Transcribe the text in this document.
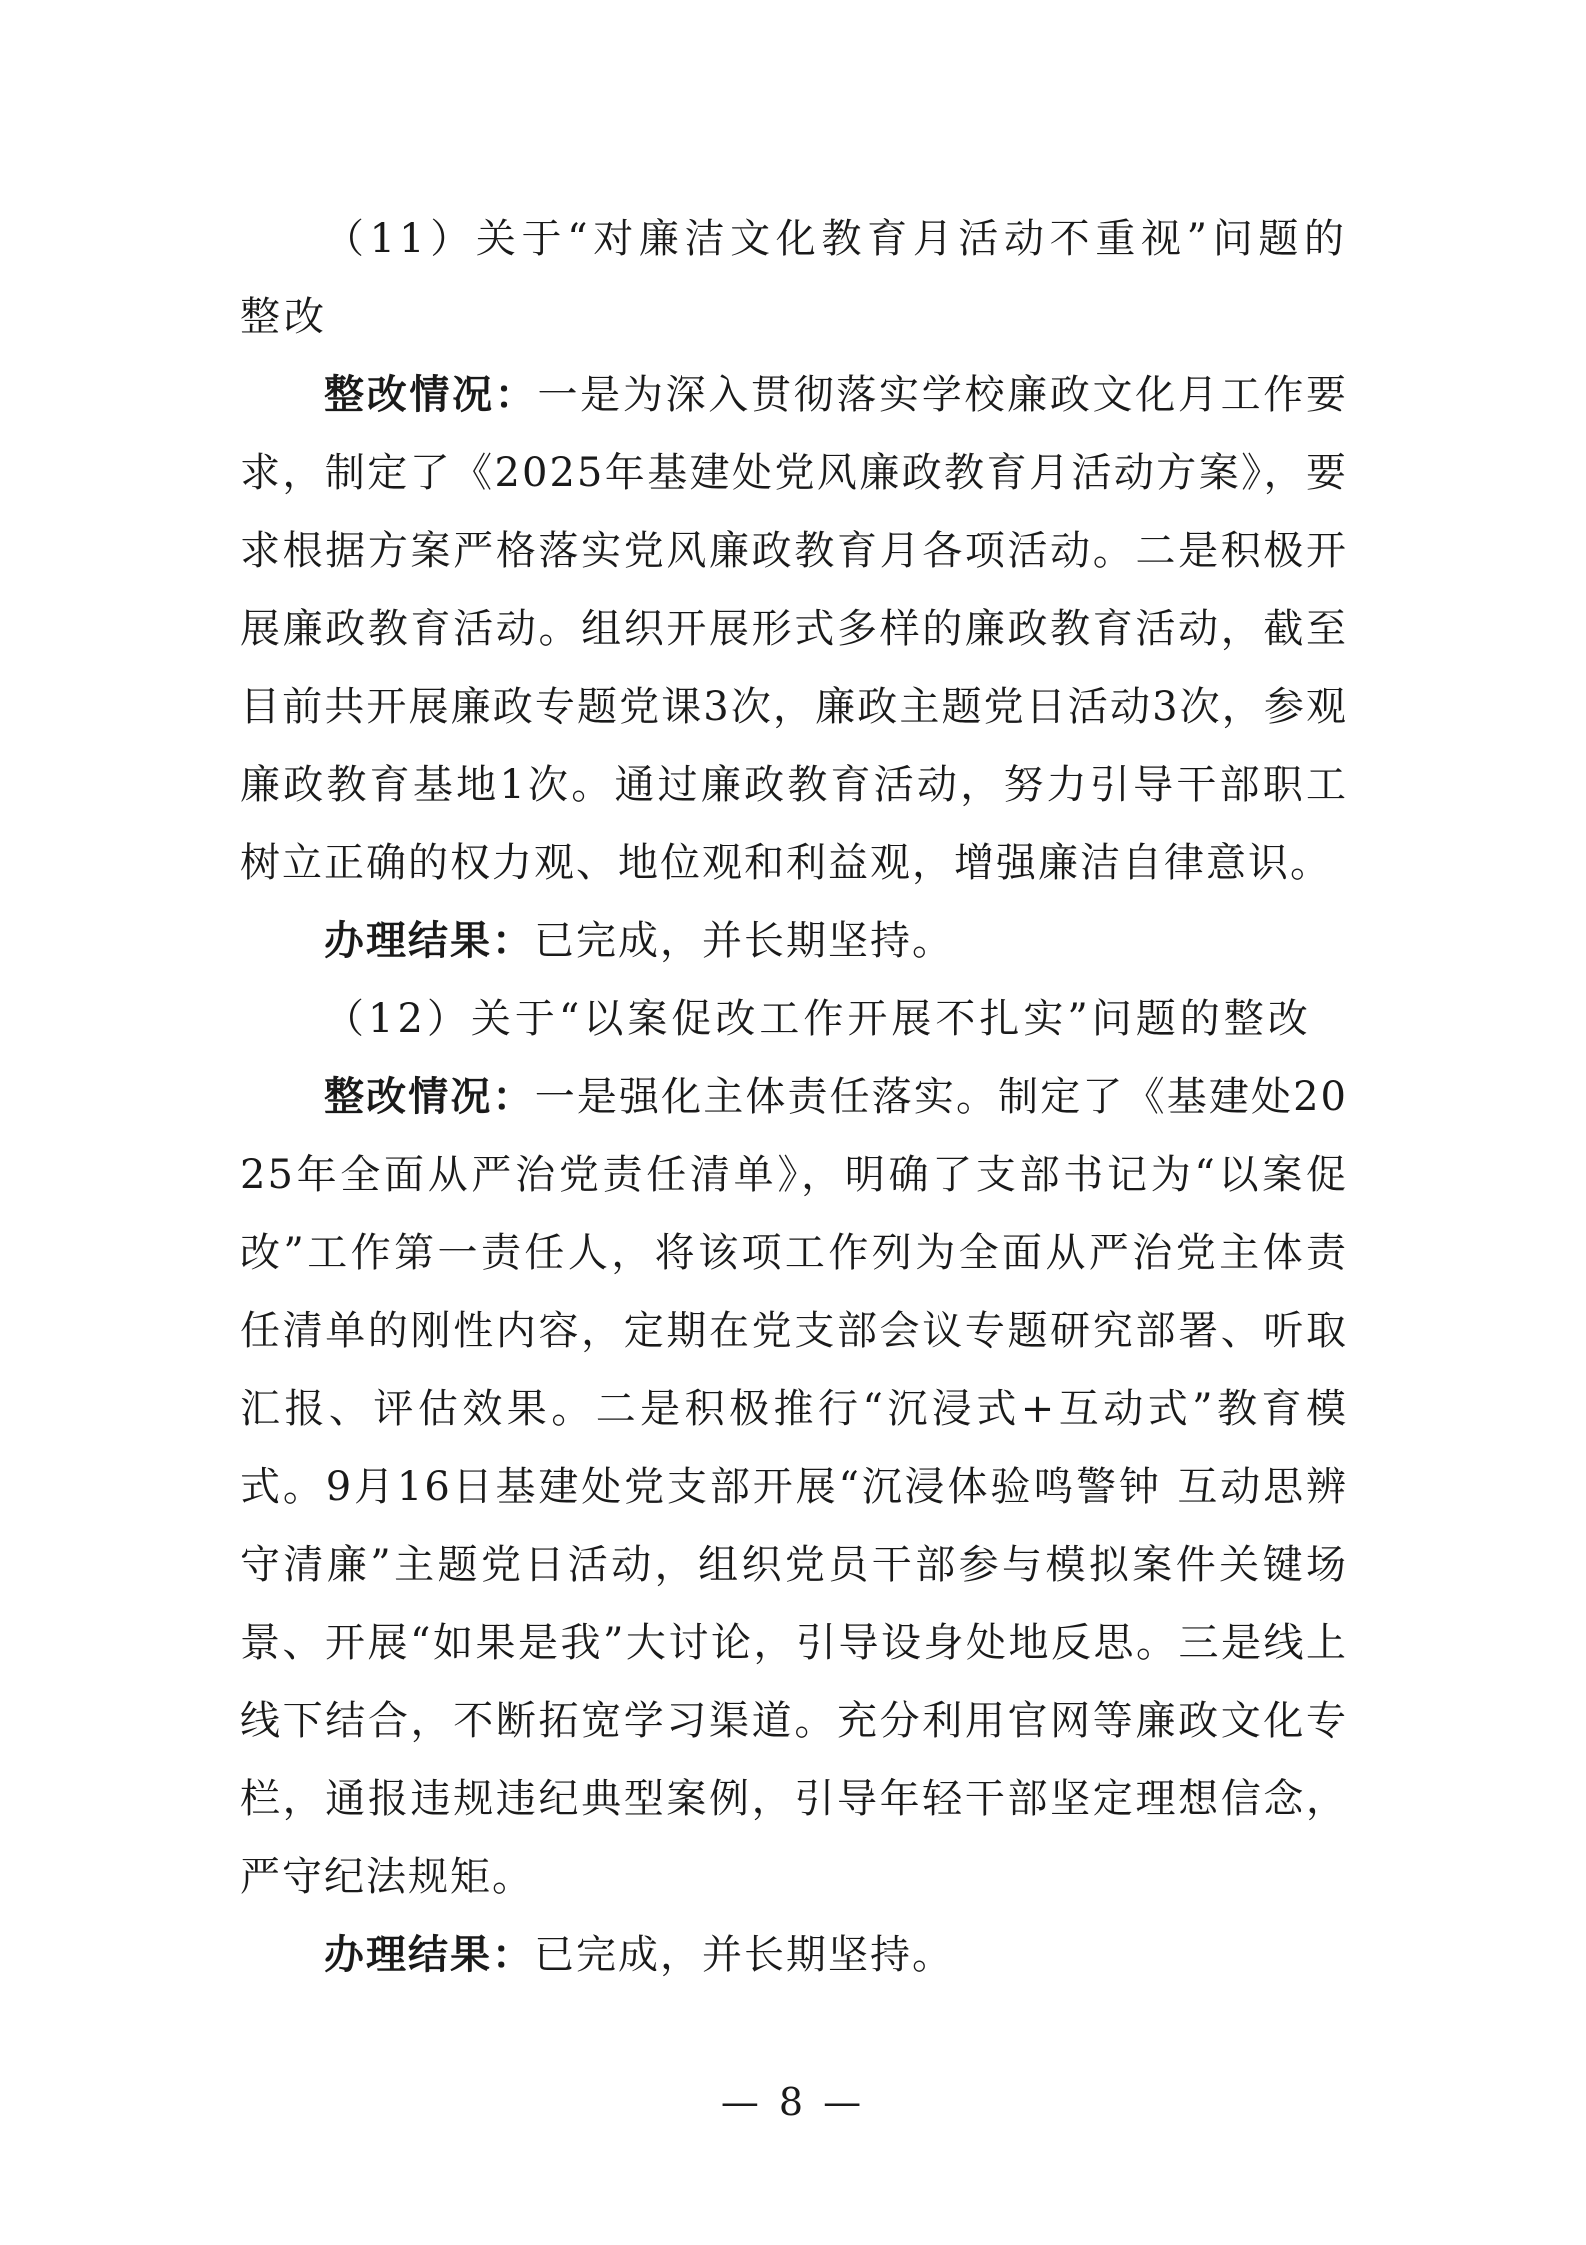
（11）关于“对廉洁文化教育月活动不重视”问题的整改

整改情况：一是为深入贯彻落实学校廉政文化月工作要求，制定了《2025年基建处党风廉政教育月活动方案》，要求根据方案严格落实党风廉政教育月各项活动。二是积极开展廉政教育活动。组织开展形式多样的廉政教育活动，截至目前共开展廉政专题党课3次，廉政主题党日活动3次，参观廉政教育基地1次。通过廉政教育活动，努力引导干部职工树立正确的权力观、地位观和利益观，增强廉洁自律意识。

办理结果：已完成，并长期坚持。

（12）关于“以案促改工作开展不扎实”问题的整改

整改情况：一是强化主体责任落实。制定了《基建处2025年全面从严治党责任清单》，明确了支部书记为“以案促改”工作第一责任人，将该项工作列为全面从严治党主体责任清单的刚性内容，定期在党支部会议专题研究部署、听取汇报、评估效果。二是积极推行“沉浸式+互动式”教育模式。9月16日基建处党支部开展“沉浸体验鸣警钟 互动思辨守清廉”主题党日活动，组织党员干部参与模拟案件关键场景、开展“如果是我”大讨论，引导设身处地反思。三是线上线下结合，不断拓宽学习渠道。充分利用官网等廉政文化专栏，通报违规违纪典型案例，引导年轻干部坚定理想信念，严守纪法规矩。

办理结果：已完成，并长期坚持。

— 8 —
